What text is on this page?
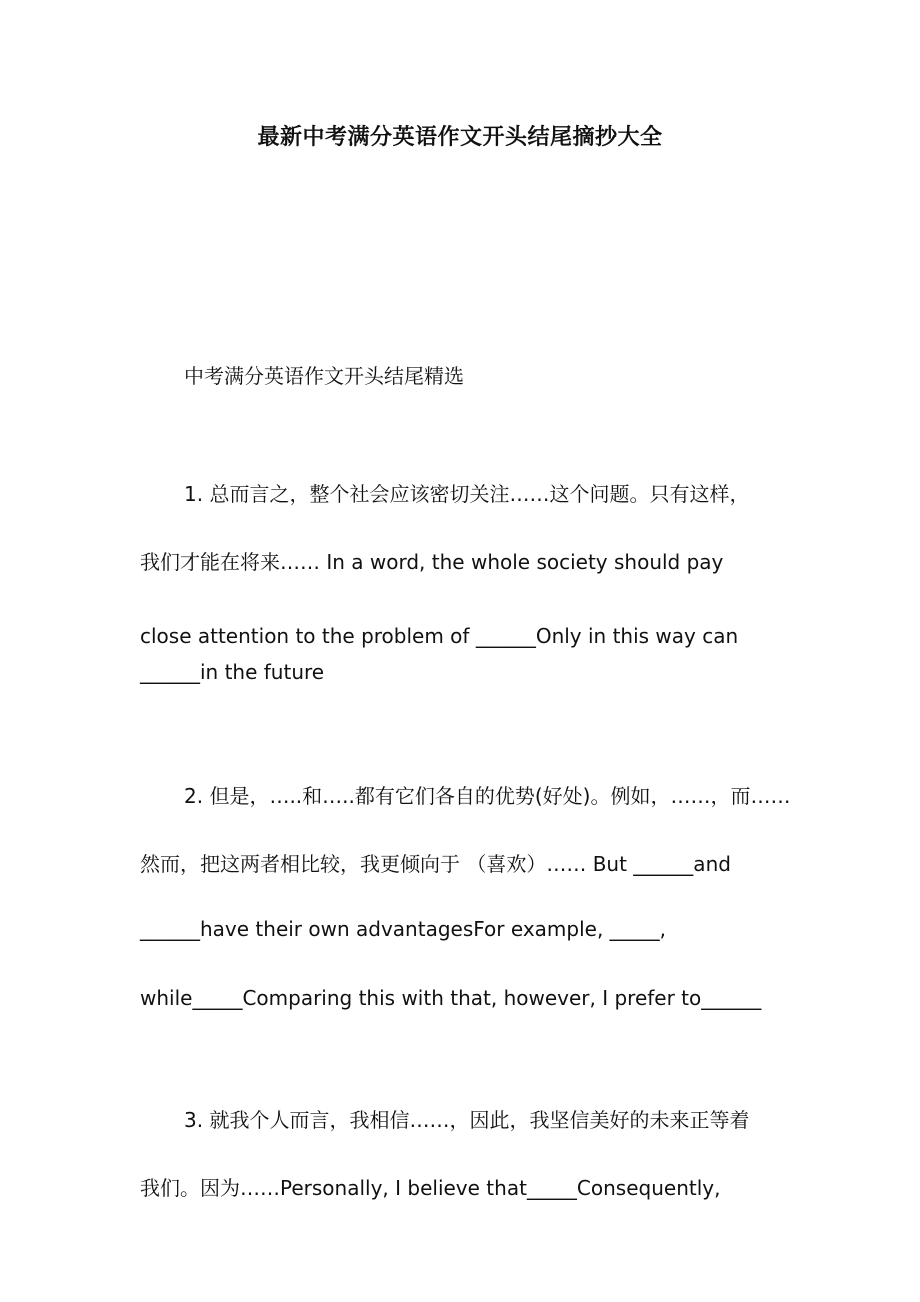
最新中考满分英语作文开头结尾摘抄大全
中考满分英语作文开头结尾精选
1. 总而言之，整个社会应该密切关注……这个问题。只有这样，
我们才能在将来…… In a word, the whole society should pay
close attention to the problem of ______Only in this way can
______in the future
2. 但是，…..和…..都有它们各自的优势(好处)。例如，……，而……
然而，把这两者相比较，我更倾向于 （喜欢）…… But ______and
______have their own advantagesFor example, _____,
while_____Comparing this with that, however, I prefer to______
3. 就我个人而言，我相信……，因此，我坚信美好的未来正等着
我们。因为……Personally, I believe that_____Consequently,
